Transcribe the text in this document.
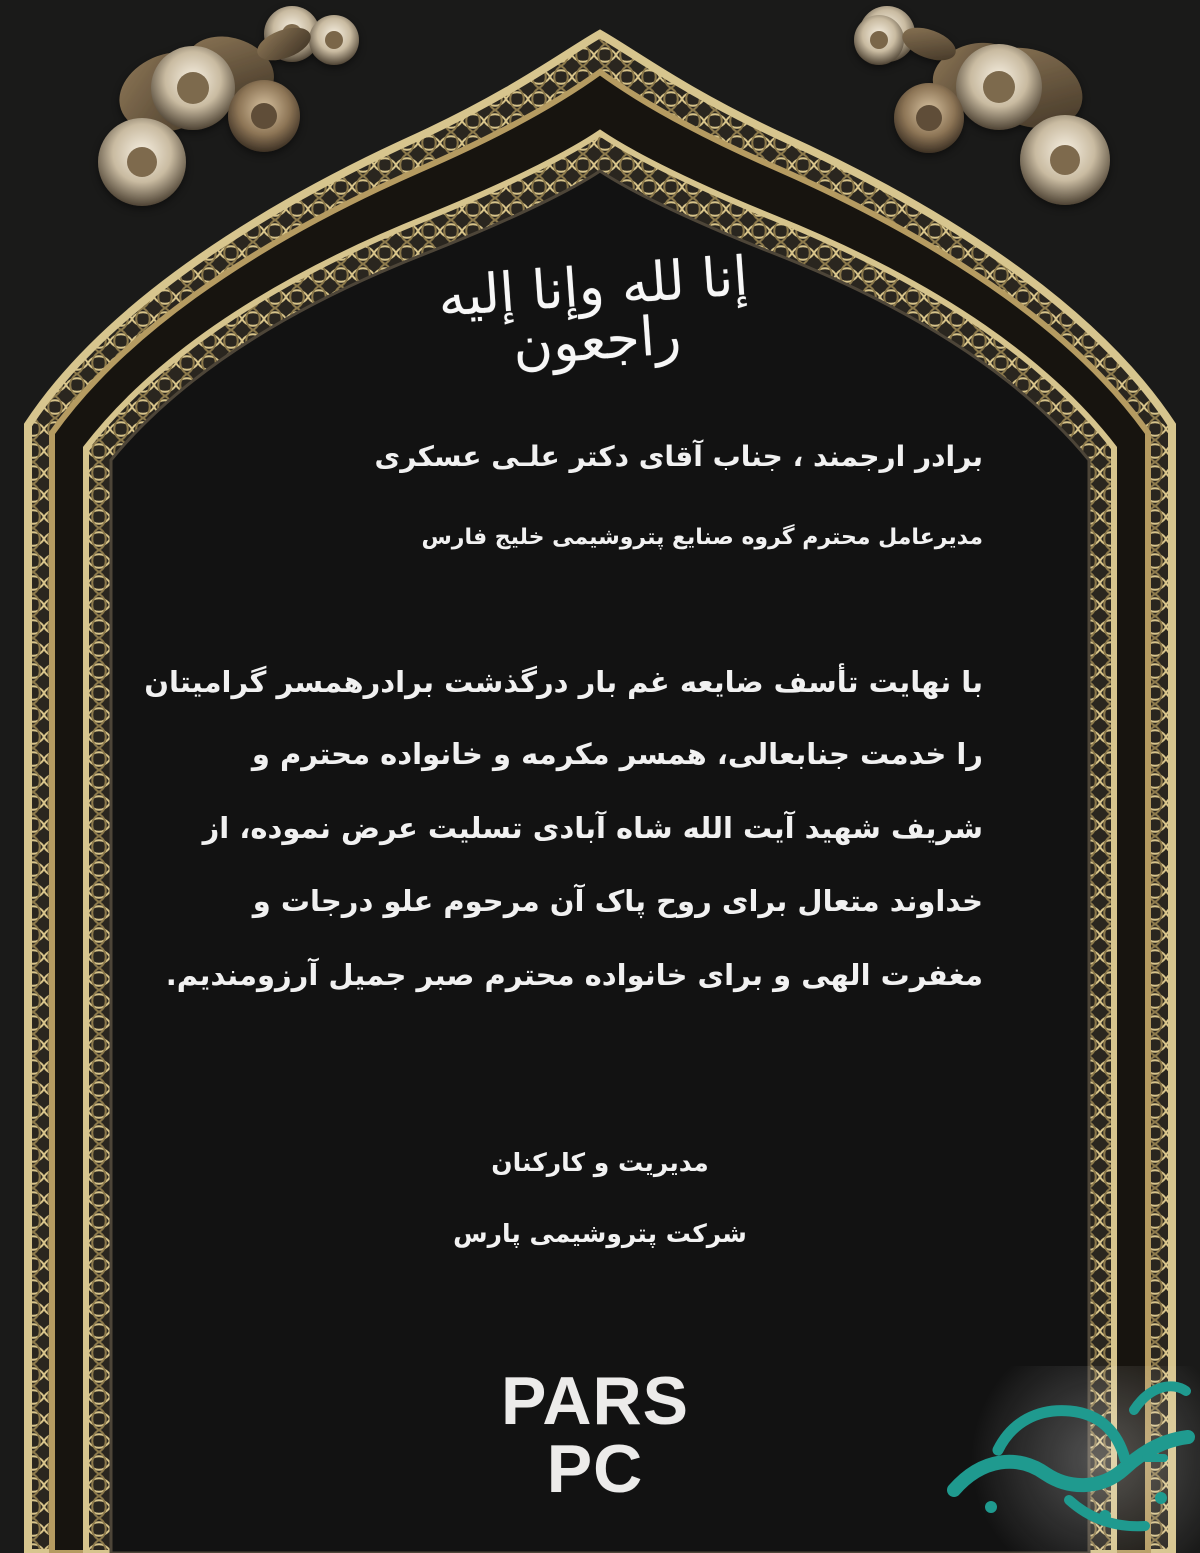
إنا لله وإنا إليه راجعون
برادر ارجمند ، جناب آقای دکتر علـی عسکری
مدیرعامل محترم گروه صنایع پتروشیمی خلیج فارس
با نهایت تأسف ضایعه غم بار درگذشت برادرهمسر گرامیتان
را خدمت جنابعالی، همسر مکرمه و خانواده محترم و
شریف شهید آیت الله شاه آبادی تسلیت عرض نموده، از
خداوند متعال برای روح پاک آن مرحوم علو درجات و
مغفرت الهی و برای خانواده محترم صبر جمیل آرزومندیم.
مدیریت و کارکنان
شرکت پتروشیمی پارس
PARS PC
